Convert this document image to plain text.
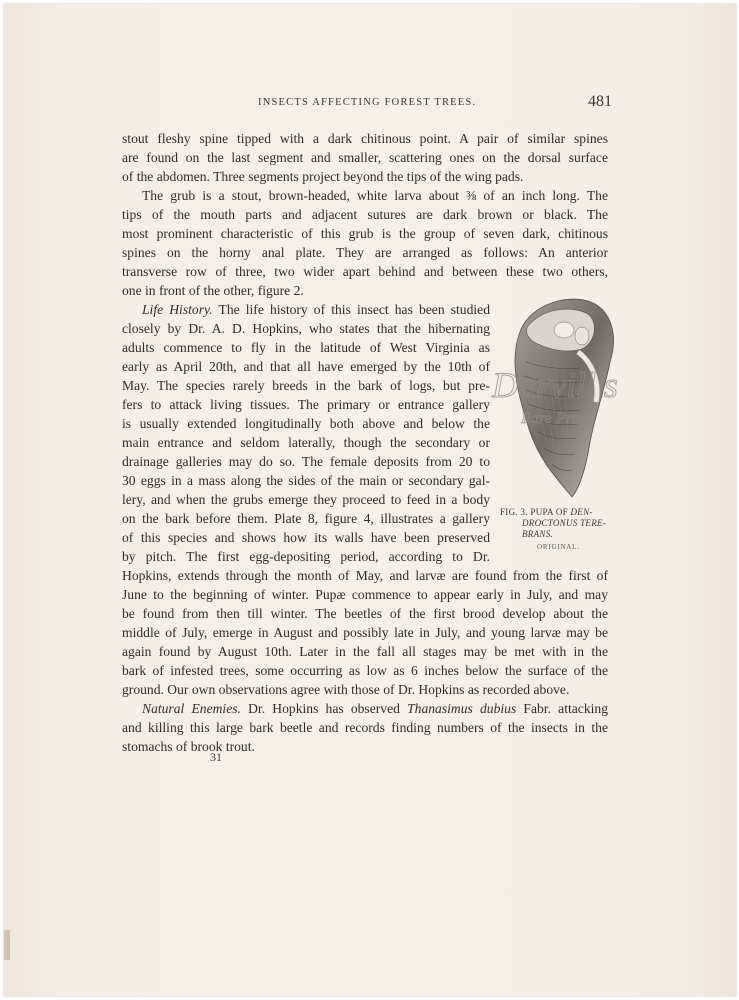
INSECTS AFFECTING FOREST TREES.	481
stout fleshy spine tipped with a dark chitinous point. A pair of similar spines
are found on the last segment and smaller, scattering ones on the dorsal surface
of the abdomen. Three segments project beyond the tips of the wing pads.
The grub is a stout, brown-headed, white larva about ⅜ of an inch long. The
tips of the mouth parts and adjacent sutures are dark brown or black. The
most prominent characteristic of this grub is the group of seven dark, chitinous
spines on the horny anal plate. They are arranged as follows: An anterior
transverse row of three, two wider apart behind and between these two others,
one in front of the other, figure 2.
Life History. The life history of this insect has been studied
closely by Dr. A. D. Hopkins, who states that the hibernating
adults commence to fly in the latitude of West Virginia as
early as April 20th, and that all have emerged by the 10th of
May. The species rarely breeds in the bark of logs, but pre-
fers to attack living tissues. The primary or entrance gallery
is usually extended longitudinally both above and below the
main entrance and seldom laterally, though the secondary or
drainage galleries may do so. The female deposits from 20 to
30 eggs in a mass along the sides of the main or secondary gal-
lery, and when the grubs emerge they proceed to feed in a body
on the bark before them. Plate 8, figure 4, illustrates a gallery
of this species and shows how its walls have been preserved
by pitch. The first egg-depositing period, according to Dr.
Hopkins, extends through the month of May, and larvæ are found from the first of
June to the beginning of winter. Pupæ commence to appear early in July, and may
be found from then till winter. The beetles of the first brood develop about the
middle of July, emerge in August and possibly late in July, and young larvæ may be
again found by August 10th. Later in the fall all stages may be met with in the
bark of infested trees, some occurring as low as 6 inches below the surface of the
ground. Our own observations agree with those of Dr. Hopkins as recorded above.
Natural Enemies. Dr. Hopkins has observed Thanasimus dubius Fabr. attacking
and killing this large bark beetle and records finding numbers of the insects in the
stomachs of brook trout.
Darvill's
Rare Prints
FIG. 3. PUPA OF DEN-
DROCTONUS TERE-
BRANS.
ORIGINAL.
31
